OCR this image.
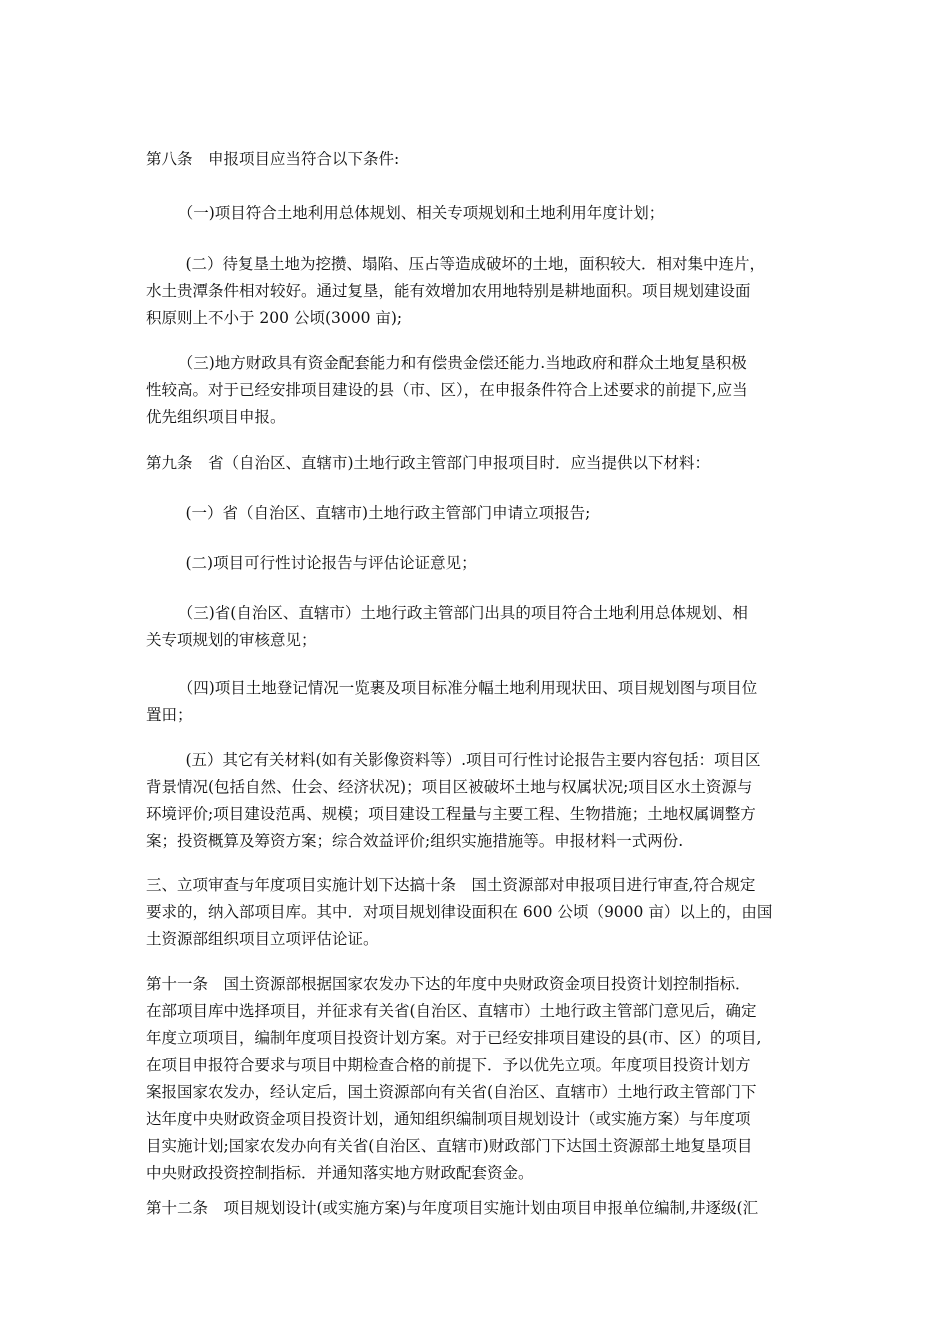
第八条　申报项目应当符合以下条件:

　（一)项目符合土地利用总体规划、相关专项规划和土地利用年度计划；

　(二）待复垦土地为挖攒、塌陷、压占等造成破坏的土地，面积较大．相对集中连片，

水土贵潭条件相对较好。通过复垦，能有效增加农用地特别是耕地面积。项目规划建设面
积原则上不小于 200 公顷(3000 亩);

　（三)地方财政具有资金配套能力和有偿贵金偿还能力.当地政府和群众土地复垦积极

性较高。对于已经安排项目建设的县（市、区），在申报条件符合上述要求的前提下,应当
优先组织项目申报。

第九条　省（自治区、直辖市)土地行政主管部门申报项目时．应当提供以下材料：

　(一）省（自治区、直辖市)土地行政主管部门申请立项报告;

　(二)项目可行性讨论报告与评估论证意见；

　（三)省(自治区、直辖市）土地行政主管部门出具的项目符合土地利用总体规划、相

关专项规划的审核意见；

　（四)项目土地登记情况一览裹及项目标准分幅土地利用现状田、项目规划图与项目位

置田；

　(五）其它有关材料(如有关影像资料等）.项目可行性讨论报告主要内容包括：项目区

背景情况(包括自然、仕会、经济状况)；项目区被破坏土地与权属状况;项目区水土资源与
环境评价;项目建设范禹、规模；项目建设工程量与主要工程、生物措施；土地权属调整方
案；投资概算及筹资方案；综合效益评价;组织实施措施等。申报材料一式两份.

三、立项审查与年度项目实施计划下达搞十条　国土资源部对申报项目进行审查,符合规定
要求的，纳入部项目库。其中．对项目规划律设面积在 600 公顷（9000 亩）以上的，由国
土资源部组织项目立项评估论证。

第十一条　国土资源部根据国家农发办下达的年度中央财政资金项目投资计划控制指标．
在部项目库中选择项目，并征求有关省(自治区、直辖市）土地行政主管部门意见后，确定
年度立项项目，编制年度项目投资计划方案。对于已经安排项目建设的县(市、区）的项目,
在项目申报符合要求与项目中期检查合格的前提下．予以优先立项。年度项目投资计划方
案报国家农发办，经认定后，国土资源部向有关省(自治区、直辖市）土地行政主管部门下
达年度中央财政资金项目投资计划，通知组织编制项目规划设计（或实施方案）与年度项
目实施计划;国家农发办向有关省(自治区、直辖市)财政部门下达国土资源部土地复垦项目
中央财政投资控制指标．并通知落实地方财政配套资金。

第十二条　项目规划设计(或实施方案)与年度项目实施计划由项目申报单位编制,井逐级(汇
